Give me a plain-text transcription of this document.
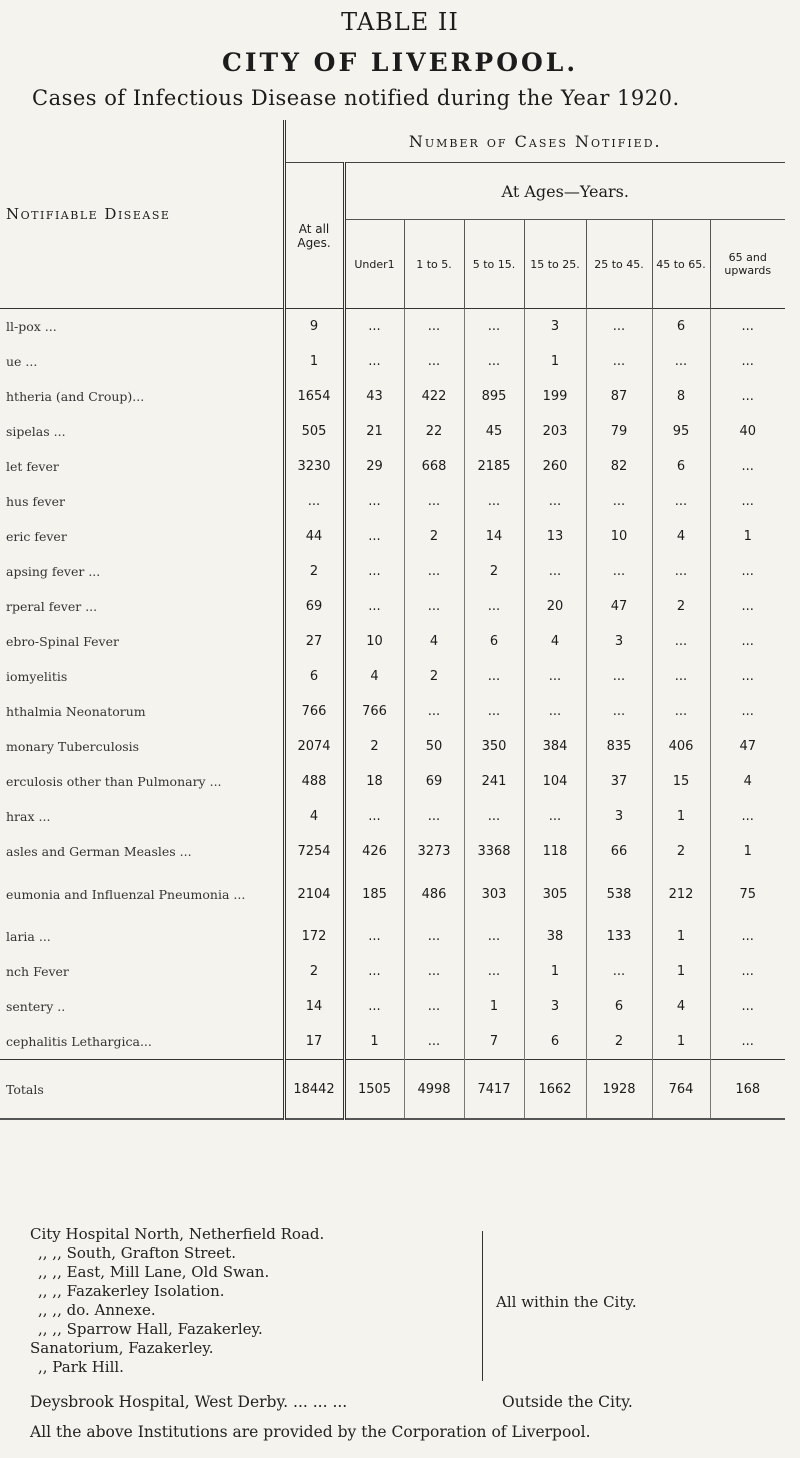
TABLE II
CITY OF LIVERPOOL.
Cases of Infectious Disease notified during the Year 1920.
Notifiable Disease	Number of Cases Notified.							
	At all Ages.	At Ages—Years.						
		Under1	1 to 5.	5 to 15.	15 to 25.	25 to 45.	45 to 65.	65 and upwards
ll-pox ...	9	...	...	...	3	...	6	...
ue ...	1	...	...	...	1	...	...	...
htheria (and Croup)...	1654	43	422	895	199	87	8	...
sipelas ...	505	21	22	45	203	79	95	40
let fever	3230	29	668	2185	260	82	6	...
hus fever	...	...	...	...	...	...	...	...
eric fever	44	...	2	14	13	10	4	1
apsing fever ...	2	...	...	2	...	...	...	...
rperal fever ...	69	...	...	...	20	47	2	...
ebro-Spinal Fever	27	10	4	6	4	3	...	...
iomyelitis	6	4	2	...	...	...	...	...
hthalmia Neonatorum	766	766	...	...	...	...	...	...
monary Tuberculosis	2074	2	50	350	384	835	406	47
erculosis other than Pulmonary ...	488	18	69	241	104	37	15	4
hrax ...	4	...	...	...	...	3	1	...
asles and German Measles ...	7254	426	3273	3368	118	66	2	1
eumonia and Influenzal Pneumonia ...	2104	185	486	303	305	538	212	75
laria ...	172	...	...	...	38	133	1	...
nch Fever	2	...	...	...	1	...	1	...
sentery ..	14	...	...	1	3	6	4	...
cephalitis Lethargica...	17	1	...	7	6	2	1	...
Totals	18442	1505	4998	7417	1662	1928	764	168
City Hospital North, Netherfield Road.
,, ,, South, Grafton Street.
,, ,, East, Mill Lane, Old Swan.
,, ,, Fazakerley Isolation.
,, ,, do. Annexe.
,, ,, Sparrow Hall, Fazakerley.
Sanatorium, Fazakerley.
,, Park Hill.
All within the City.
Deysbrook Hospital, West Derby. ... ... ...	Outside the City.
All the above Institutions are provided by the Corporation of Liverpool.
